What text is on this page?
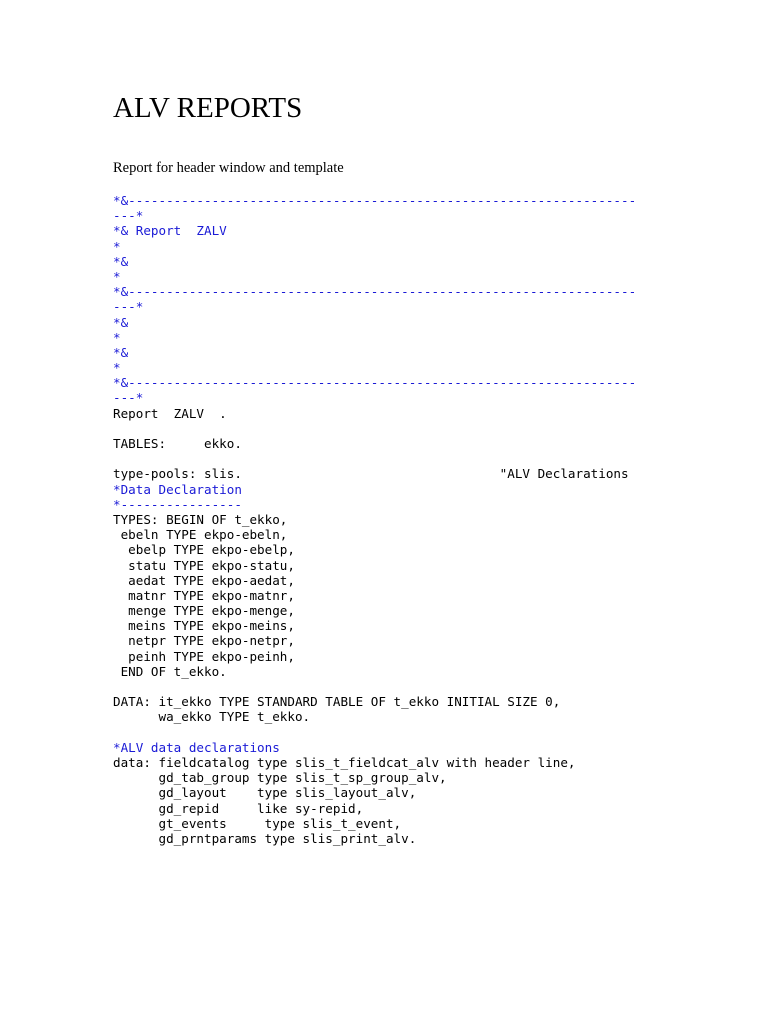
ALV REPORTS

Report for header window and template

*&-------------------------------------------------------------------
---*
*& Report  ZALV
*
*&
*
*&-------------------------------------------------------------------
---*
*&
*
*&
*
*&-------------------------------------------------------------------
---*
Report  ZALV  .
TABLES:     ekko.
type-pools: slis.                                  "ALV Declarations
*Data Declaration
*----------------
TYPES: BEGIN OF t_ekko,
ebeln TYPE ekpo-ebeln,
ebelp TYPE ekpo-ebelp,
statu TYPE ekpo-statu,
aedat TYPE ekpo-aedat,
matnr TYPE ekpo-matnr,
menge TYPE ekpo-menge,
meins TYPE ekpo-meins,
netpr TYPE ekpo-netpr,
peinh TYPE ekpo-peinh,
END OF t_ekko.
DATA: it_ekko TYPE STANDARD TABLE OF t_ekko INITIAL SIZE 0,
wa_ekko TYPE t_ekko.
*ALV data declarations
data: fieldcatalog type slis_t_fieldcat_alv with header line,
gd_tab_group type slis_t_sp_group_alv,
gd_layout    type slis_layout_alv,
gd_repid     like sy-repid,
gt_events     type slis_t_event,
gd_prntparams type slis_print_alv.
